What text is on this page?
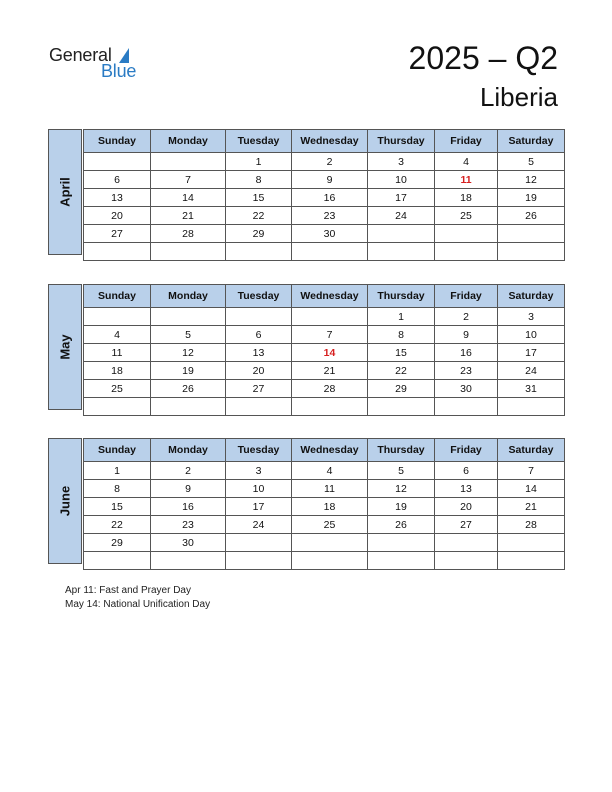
General
Blue	2025 – Q2
Liberia
April
Sunday	Monday	Tuesday	Wednesday	Thursday	Friday	Saturday
		1	2	3	4	5
6	7	8	9	10	11	12
13	14	15	16	17	18	19
20	21	22	23	24	25	26
27	28	29	30			

May
Sunday	Monday	Tuesday	Wednesday	Thursday	Friday	Saturday
				1	2	3
4	5	6	7	8	9	10
11	12	13	14	15	16	17
18	19	20	21	22	23	24
25	26	27	28	29	30	31

June
Sunday	Monday	Tuesday	Wednesday	Thursday	Friday	Saturday
1	2	3	4	5	6	7
8	9	10	11	12	13	14
15	16	17	18	19	20	21
22	23	24	25	26	27	28
29	30					

Apr 11: Fast and Prayer Day
May 14: National Unification Day
